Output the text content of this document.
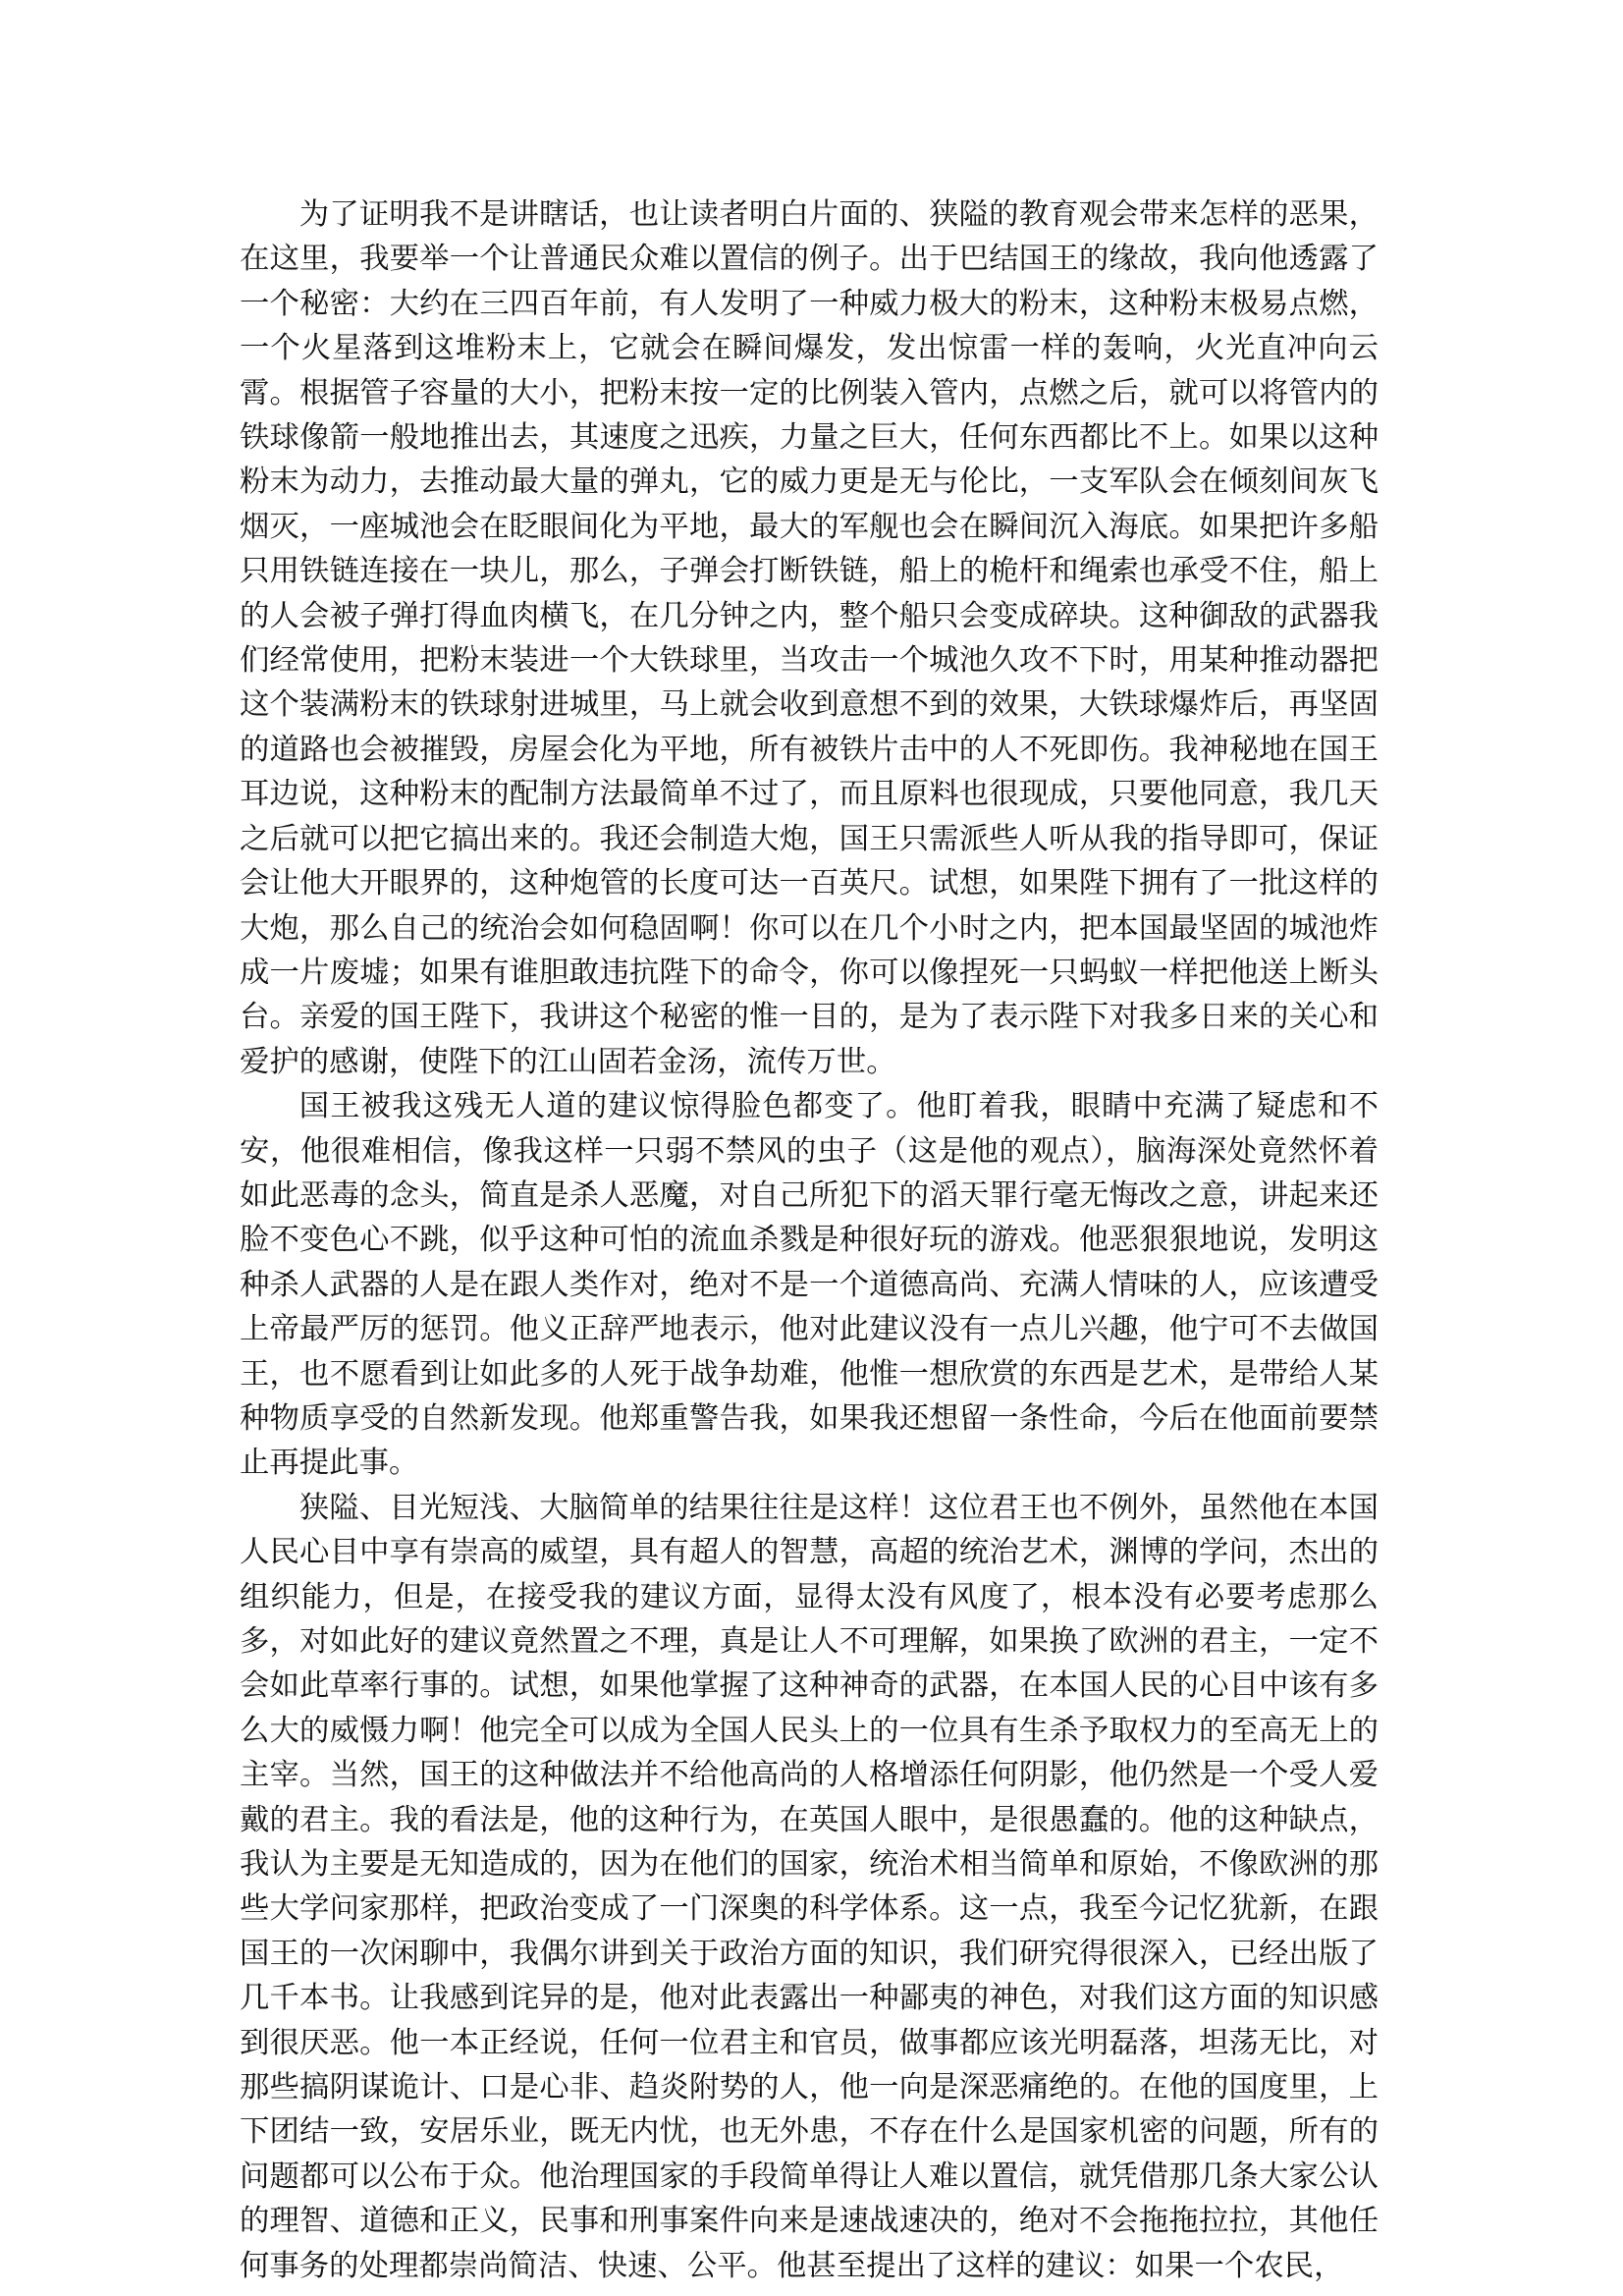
为了证明我不是讲瞎话，也让读者明白片面的、狭隘的教育观会带来怎样的恶果，在这里，我要举一个让普通民众难以置信的例子。出于巴结国王的缘故，我向他透露了一个秘密：大约在三四百年前，有人发明了一种威力极大的粉末，这种粉末极易点燃，一个火星落到这堆粉末上，它就会在瞬间爆发，发出惊雷一样的轰响，火光直冲向云霄。根据管子容量的大小，把粉末按一定的比例装入管内，点燃之后，就可以将管内的铁球像箭一般地推出去，其速度之迅疾，力量之巨大，任何东西都比不上。如果以这种粉末为动力，去推动最大量的弹丸，它的威力更是无与伦比，一支军队会在倾刻间灰飞烟灭，一座城池会在眨眼间化为平地，最大的军舰也会在瞬间沉入海底。如果把许多船只用铁链连接在一块儿，那么，子弹会打断铁链，船上的桅杆和绳索也承受不住，船上的人会被子弹打得血肉横飞，在几分钟之内，整个船只会变成碎块。这种御敌的武器我们经常使用，把粉末装进一个大铁球里，当攻击一个城池久攻不下时，用某种推动器把这个装满粉末的铁球射进城里，马上就会收到意想不到的效果，大铁球爆炸后，再坚固的道路也会被摧毁，房屋会化为平地，所有被铁片击中的人不死即伤。我神秘地在国王耳边说，这种粉末的配制方法最简单不过了，而且原料也很现成，只要他同意，我几天之后就可以把它搞出来的。我还会制造大炮，国王只需派些人听从我的指导即可，保证会让他大开眼界的，这种炮管的长度可达一百英尺。试想，如果陛下拥有了一批这样的大炮，那么自己的统治会如何稳固啊！你可以在几个小时之内，把本国最坚固的城池炸成一片废墟；如果有谁胆敢违抗陛下的命令，你可以像捏死一只蚂蚁一样把他送上断头台。亲爱的国王陛下，我讲这个秘密的惟一目的，是为了表示陛下对我多日来的关心和爱护的感谢，使陛下的江山固若金汤，流传万世。

国王被我这残无人道的建议惊得脸色都变了。他盯着我，眼睛中充满了疑虑和不安，他很难相信，像我这样一只弱不禁风的虫子（这是他的观点），脑海深处竟然怀着如此恶毒的念头，简直是杀人恶魔，对自己所犯下的滔天罪行毫无悔改之意，讲起来还脸不变色心不跳，似乎这种可怕的流血杀戮是种很好玩的游戏。他恶狠狠地说，发明这种杀人武器的人是在跟人类作对，绝对不是一个道德高尚、充满人情味的人，应该遭受上帝最严厉的惩罚。他义正辞严地表示，他对此建议没有一点儿兴趣，他宁可不去做国王，也不愿看到让如此多的人死于战争劫难，他惟一想欣赏的东西是艺术，是带给人某种物质享受的自然新发现。他郑重警告我，如果我还想留一条性命，今后在他面前要禁止再提此事。

狭隘、目光短浅、大脑简单的结果往往是这样！这位君王也不例外，虽然他在本国人民心目中享有崇高的威望，具有超人的智慧，高超的统治艺术，渊博的学问，杰出的组织能力，但是，在接受我的建议方面，显得太没有风度了，根本没有必要考虑那么多，对如此好的建议竟然置之不理，真是让人不可理解，如果换了欧洲的君主，一定不会如此草率行事的。试想，如果他掌握了这种神奇的武器，在本国人民的心目中该有多么大的威慑力啊！他完全可以成为全国人民头上的一位具有生杀予取权力的至高无上的主宰。当然，国王的这种做法并不给他高尚的人格增添任何阴影，他仍然是一个受人爱戴的君主。我的看法是，他的这种行为，在英国人眼中，是很愚蠢的。他的这种缺点，我认为主要是无知造成的，因为在他们的国家，统治术相当简单和原始，不像欧洲的那些大学问家那样，把政治变成了一门深奥的科学体系。这一点，我至今记忆犹新，在跟国王的一次闲聊中，我偶尔讲到关于政治方面的知识，我们研究得很深入，已经出版了几千本书。让我感到诧异的是，他对此表露出一种鄙夷的神色，对我们这方面的知识感到很厌恶。他一本正经说，任何一位君主和官员，做事都应该光明磊落，坦荡无比，对那些搞阴谋诡计、口是心非、趋炎附势的人，他一向是深恶痛绝的。在他的国度里，上下团结一致，安居乐业，既无内忧，也无外患，不存在什么是国家机密的问题，所有的问题都可以公布于众。他治理国家的手段简单得让人难以置信，就凭借那几条大家公认的理智、道德和正义，民事和刑事案件向来是速战速决的，绝对不会拖拖拉拉，其他任何事务的处理都崇尚简洁、快速、公平。他甚至提出了这样的建议：如果一个农民，
